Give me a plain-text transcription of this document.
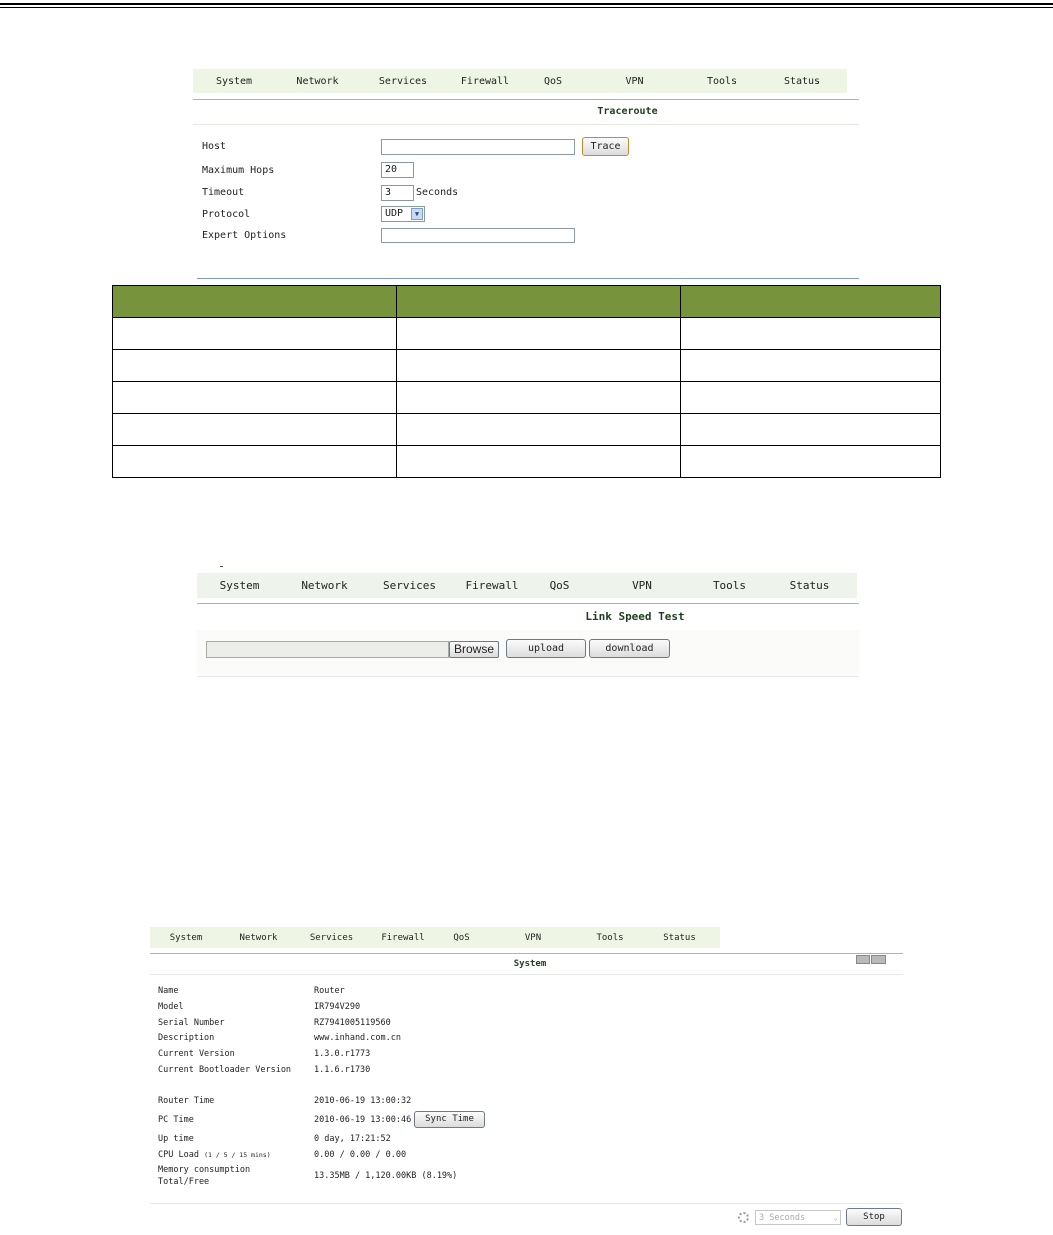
System	Network	Services	Firewall	QoS	VPN	Tools	Status
Traceroute
Host	Trace
Maximum Hops	20
Timeout	3	Seconds
Protocol	UDP	▼
Expert Options

System	Network	Services	Firewall	QoS	VPN	Tools	Status
Link Speed Test
Browse	upload	download
System	Network	Services	Firewall	QoS	VPN	Tools	Status
System
Name	Router
Model	IR794V290
Serial Number	RZ7941005119560
Description	www.inhand.com.cn
Current Version	1.3.0.r1773
Current Bootloader Version	1.1.6.r1730
Router Time	2010-06-19 13:00:32
PC Time	2010-06-19 13:00:46	Sync Time
Up time	0 day, 17:21:52
CPU Load (1 / 5 / 15 mins)	0.00 / 0.00 / 0.00
Memory consumption
Total/Free
13.35MB / 1,120.00KB (8.19%)
3 Seconds	⌄	Stop
